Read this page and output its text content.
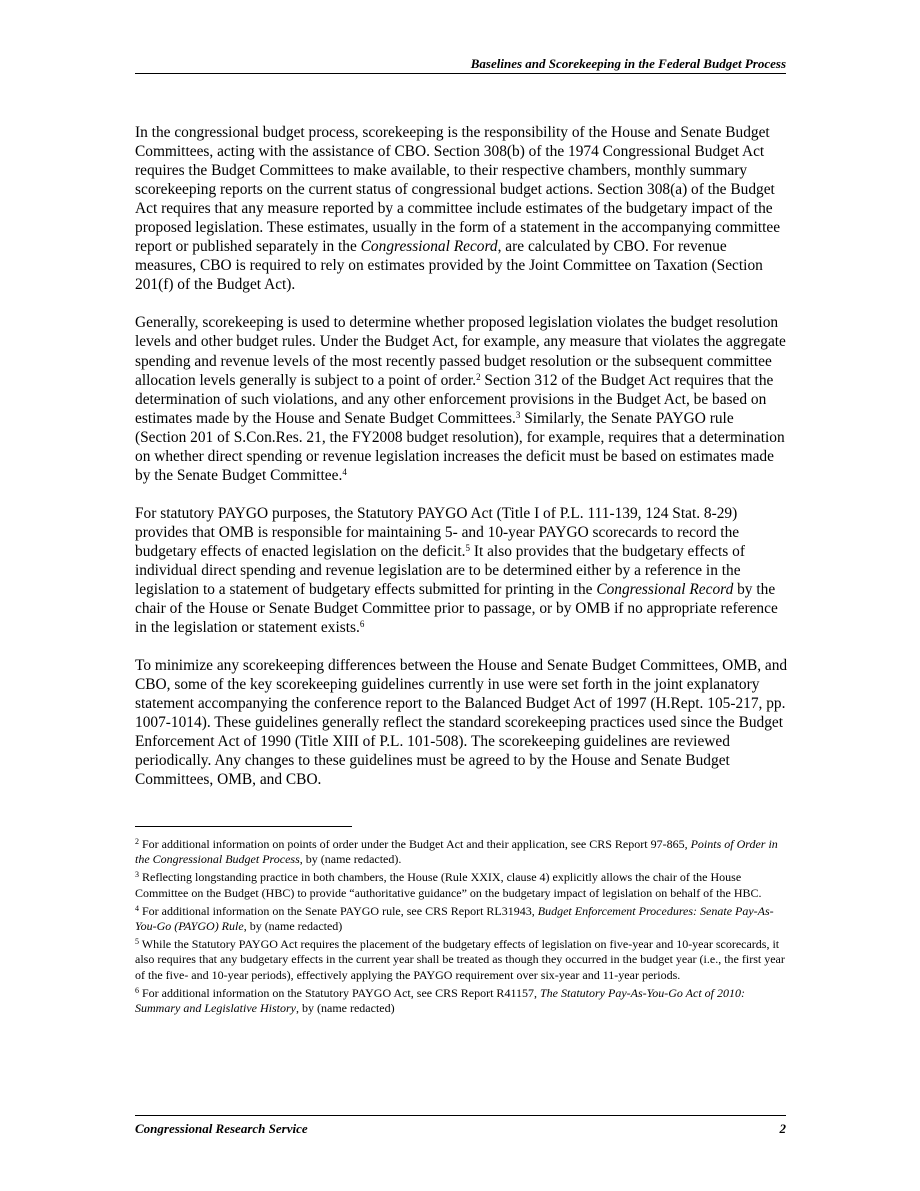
Baselines and Scorekeeping in the Federal Budget Process

In the congressional budget process, scorekeeping is the responsibility of the House and Senate Budget Committees, acting with the assistance of CBO. Section 308(b) of the 1974 Congressional Budget Act requires the Budget Committees to make available, to their respective chambers, monthly summary scorekeeping reports on the current status of congressional budget actions. Section 308(a) of the Budget Act requires that any measure reported by a committee include estimates of the budgetary impact of the proposed legislation. These estimates, usually in the form of a statement in the accompanying committee report or published separately in the Congressional Record, are calculated by CBO. For revenue measures, CBO is required to rely on estimates provided by the Joint Committee on Taxation (Section 201(f) of the Budget Act).

Generally, scorekeeping is used to determine whether proposed legislation violates the budget resolution levels and other budget rules. Under the Budget Act, for example, any measure that violates the aggregate spending and revenue levels of the most recently passed budget resolution or the subsequent committee allocation levels generally is subject to a point of order.$^2$ Section 312 of the Budget Act requires that the determination of such violations, and any other enforcement provisions in the Budget Act, be based on estimates made by the House and Senate Budget Committees.$^3$ Similarly, the Senate PAYGO rule (Section 201 of S.Con.Res. 21, the FY2008 budget resolution), for example, requires that a determination on whether direct spending or revenue legislation increases the deficit must be based on estimates made by the Senate Budget Committee.$^4$

For statutory PAYGO purposes, the Statutory PAYGO Act (Title I of P.L. 111-139, 124 Stat. 8-29) provides that OMB is responsible for maintaining 5- and 10-year PAYGO scorecards to record the budgetary effects of enacted legislation on the deficit.$^5$ It also provides that the budgetary effects of individual direct spending and revenue legislation are to be determined either by a reference in the legislation to a statement of budgetary effects submitted for printing in the Congressional Record by the chair of the House or Senate Budget Committee prior to passage, or by OMB if no appropriate reference in the legislation or statement exists.$^6$

To minimize any scorekeeping differences between the House and Senate Budget Committees, OMB, and CBO, some of the key scorekeeping guidelines currently in use were set forth in the joint explanatory statement accompanying the conference report to the Balanced Budget Act of 1997 (H.Rept. 105-217, pp. 1007-1014). These guidelines generally reflect the standard scorekeeping practices used since the Budget Enforcement Act of 1990 (Title XIII of P.L. 101-508). The scorekeeping guidelines are reviewed periodically. Any changes to these guidelines must be agreed to by the House and Senate Budget Committees, OMB, and CBO.

$^2$ For additional information on points of order under the Budget Act and their application, see CRS Report 97-865, Points of Order in the Congressional Budget Process, by (name redacted).

$^3$ Reflecting longstanding practice in both chambers, the House (Rule XXIX, clause 4) explicitly allows the chair of the House Committee on the Budget (HBC) to provide “authoritative guidance” on the budgetary impact of legislation on behalf of the HBC.

$^4$ For additional information on the Senate PAYGO rule, see CRS Report RL31943, Budget Enforcement Procedures: Senate Pay-As-You-Go (PAYGO) Rule, by (name redacted)

$^5$ While the Statutory PAYGO Act requires the placement of the budgetary effects of legislation on five-year and 10-year scorecards, it also requires that any budgetary effects in the current year shall be treated as though they occurred in the budget year (i.e., the first year of the five- and 10-year periods), effectively applying the PAYGO requirement over six-year and 11-year periods.

$^6$ For additional information on the Statutory PAYGO Act, see CRS Report R41157, The Statutory Pay-As-You-Go Act of 2010: Summary and Legislative History, by (name redacted)

Congressional Research Service	2
